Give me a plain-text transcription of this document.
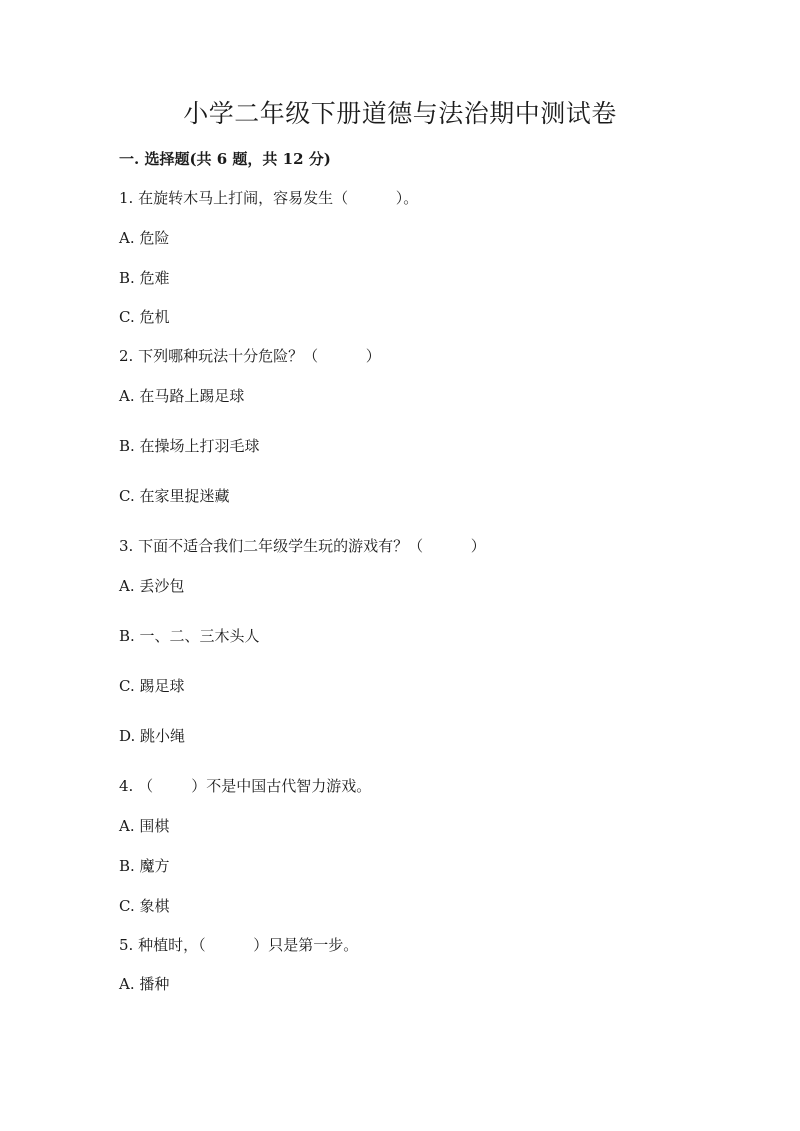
小学二年级下册道德与法治期中测试卷
一. 选择题(共 6 题，共 12 分)
1. 在旋转木马上打闹，容易发生（          ）。
A. 危险
B. 危难
C. 危机
2. 下列哪种玩法十分危险？（          ）
A. 在马路上踢足球
B. 在操场上打羽毛球
C. 在家里捉迷藏
3. 下面不适合我们二年级学生玩的游戏有？（          ）
A. 丢沙包
B. 一、二、三木头人
C. 踢足球
D. 跳小绳
4. （        ）不是中国古代智力游戏。
A. 围棋
B. 魔方
C. 象棋
5. 种植时，（          ）只是第一步。
A. 播种
